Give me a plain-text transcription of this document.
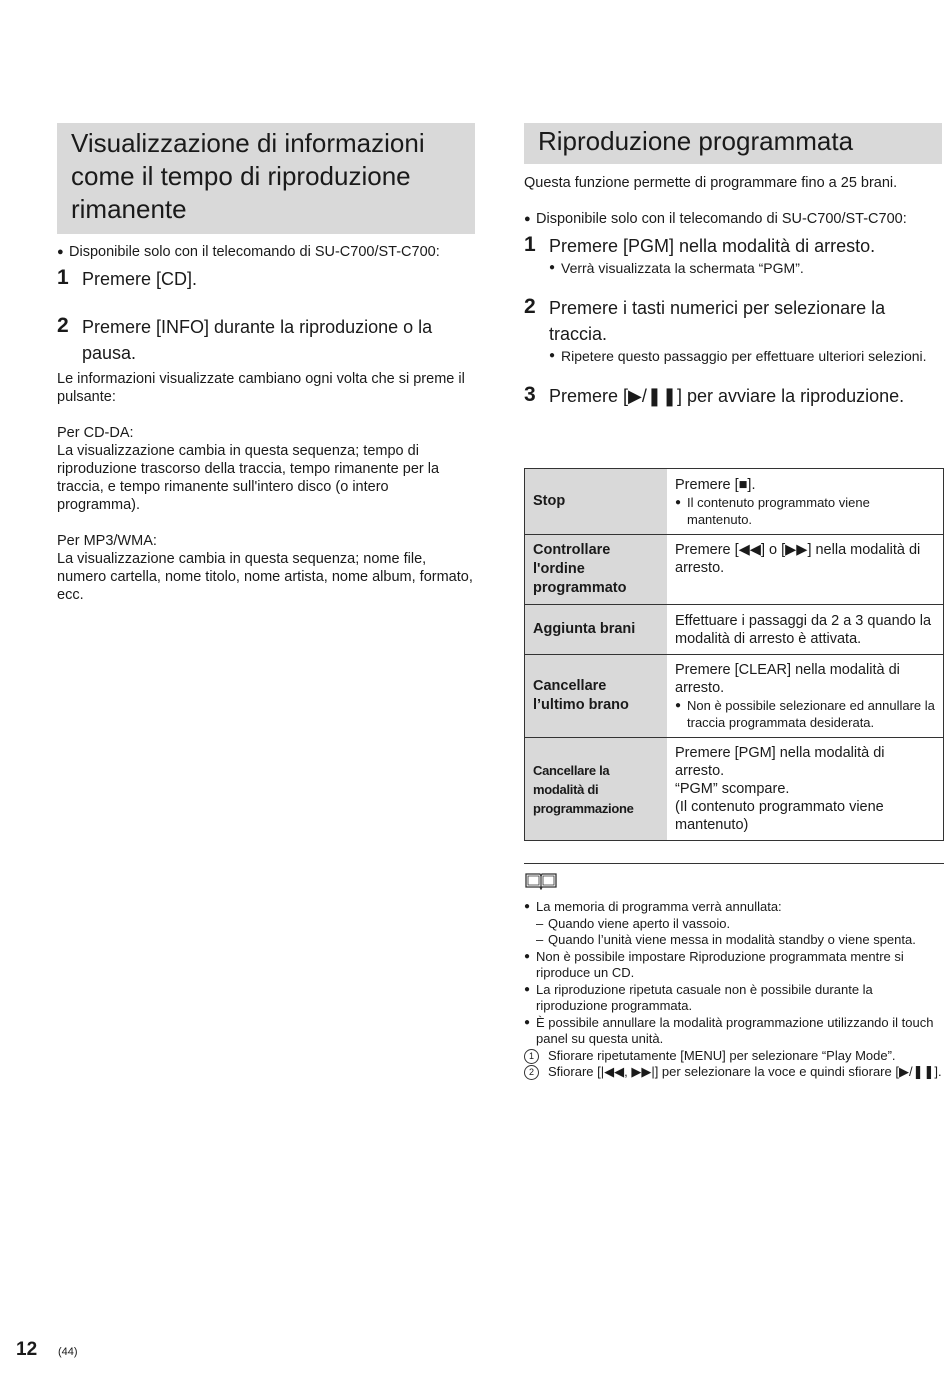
Visualizzazione di informazioni come il tempo di riproduzione rimanente
● Disponibile solo con il telecomando di SU-C700/ST-C700:
1 Premere [CD].
2 Premere [INFO] durante la riproduzione o la pausa.
Le informazioni visualizzate cambiano ogni volta che si preme il pulsante:
Per CD-DA:
La visualizzazione cambia in questa sequenza; tempo di riproduzione trascorso della traccia, tempo rimanente per la traccia, e tempo rimanente sull'intero disco (o intero programma).
Per MP3/WMA:
La visualizzazione cambia in questa sequenza; nome file, numero cartella, nome titolo, nome artista, nome album, formato, ecc.
Riproduzione programmata
Questa funzione permette di programmare fino a 25 brani.
● Disponibile solo con il telecomando di SU-C700/ST-C700:
1 Premere [PGM] nella modalità di arresto.
● Verrà visualizzata la schermata “PGM”.
2 Premere i tasti numerici per selezionare la traccia.
● Ripetere questo passaggio per effettuare ulteriori selezioni.
3 Premere [▶/❚❚] per avviare la riproduzione.
Stop	Premere [■].
● Il contenuto programmato viene mantenuto.

Controllare l'ordine programmato	Premere [◀◀] o [▶▶] nella modalità di arresto.

Aggiunta brani	Effettuare i passaggi da 2 a 3 quando la modalità di arresto è attivata.

Cancellare l’ultimo brano	Premere [CLEAR] nella modalità di arresto.
● Non è possibile selezionare ed annullare la traccia programmata desiderata.

Cancellare la modalità di programmazione	Premere [PGM] nella modalità di arresto.
“PGM” scompare.
(Il contenuto programmato viene mantenuto)
● La memoria di programma verrà annullata:
– Quando viene aperto il vassoio.
– Quando l’unità viene messa in modalità standby o viene spenta.
● Non è possibile impostare Riproduzione programmata mentre si riproduce un CD.
● La riproduzione ripetuta casuale non è possibile durante la riproduzione programmata.
● È possibile annullare la modalità programmazione utilizzando il touch panel su questa unità.
1	Sfiorare ripetutamente [MENU] per selezionare “Play Mode”.
2	Sfiorare [|◀◀, ▶▶|] per selezionare la voce e quindi sfiorare [▶/❚❚].
12 (44)
